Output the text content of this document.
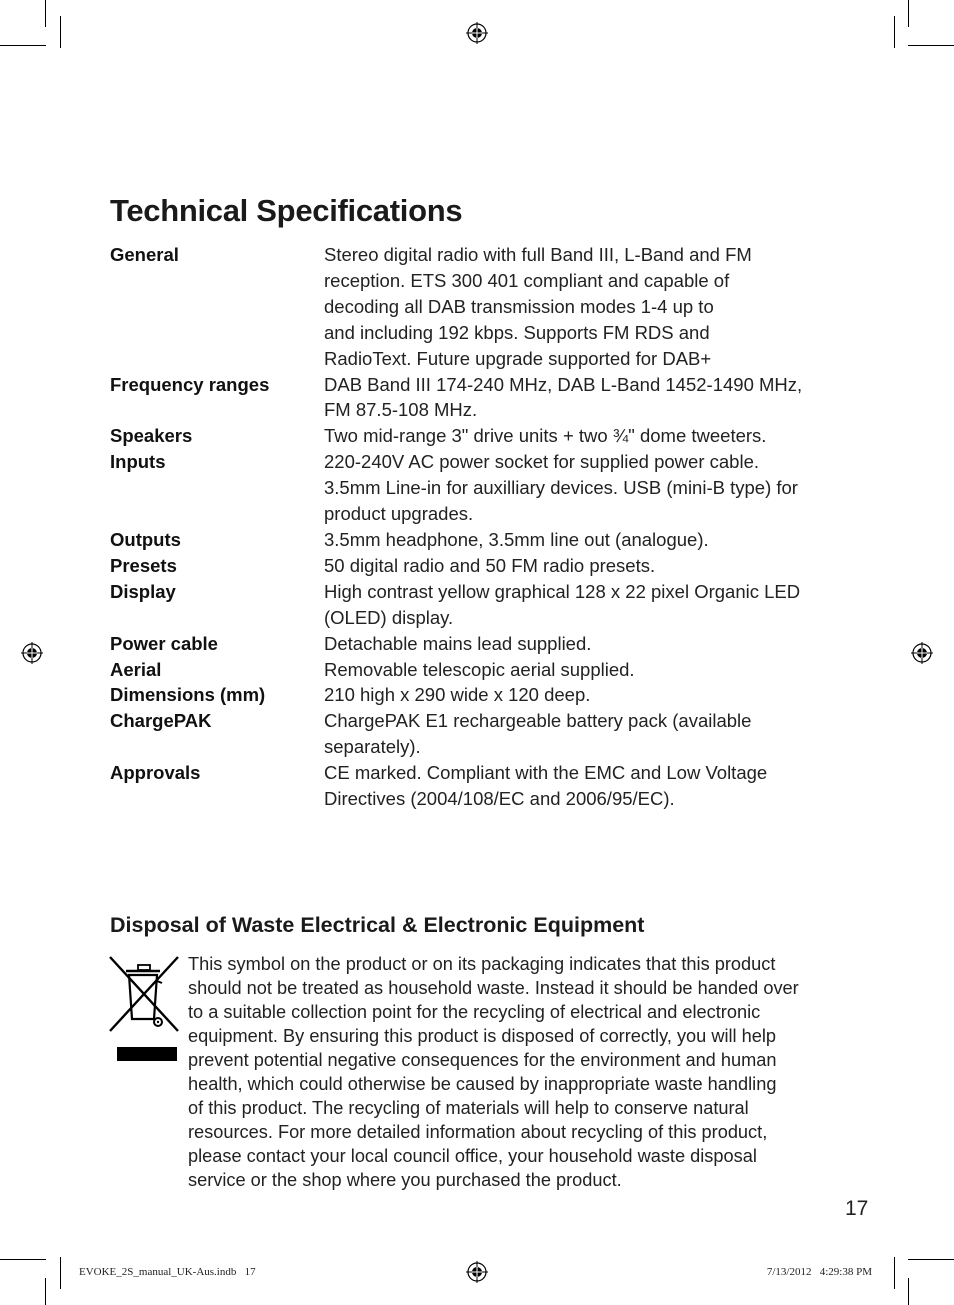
Technical Specifications
General	Stereo digital radio with full Band III, L-Band and FM
reception. ETS 300 401 compliant and capable of
decoding all DAB transmission modes 1-4 up to
and including 192 kbps. Supports FM RDS and
RadioText. Future upgrade supported for DAB+
Frequency ranges	DAB Band III 174-240 MHz, DAB L-Band 1452-1490 MHz,
FM 87.5-108 MHz.
Speakers	Two mid-range 3" drive units + two ¾" dome tweeters.
Inputs	220-240V AC power socket for supplied power cable.
3.5mm Line-in for auxilliary devices. USB (mini-B type) for
product upgrades.
Outputs	3.5mm headphone, 3.5mm line out (analogue).
Presets	50 digital radio and 50 FM radio presets.
Display	High contrast yellow graphical 128 x 22 pixel Organic LED
(OLED) display.
Power cable	Detachable mains lead supplied.
Aerial	Removable telescopic aerial supplied.
Dimensions (mm)	210 high x 290 wide x 120 deep.
ChargePAK	ChargePAK E1 rechargeable battery pack (available
separately).
Approvals	CE marked. Compliant with the EMC and Low Voltage
Directives (2004/108/EC and 2006/95/EC).
Disposal of Waste Electrical & Electronic Equipment

This symbol on the product or on its packaging indicates that this product
should not be treated as household waste. Instead it should be handed over
to a suitable collection point for the recycling of electrical and electronic
equipment. By ensuring this product is disposed of correctly, you will help
prevent potential negative consequences for the environment and human
health, which could otherwise be caused by inappropriate waste handling
of this product. The recycling of materials will help to conserve natural
resources. For more detailed information about recycling of this product,
please contact your local council office, your household waste disposal
service or the shop where you purchased the product.

17
EVOKE_2S_manual_UK-Aus.indb   17	7/13/2012   4:29:38 PM
